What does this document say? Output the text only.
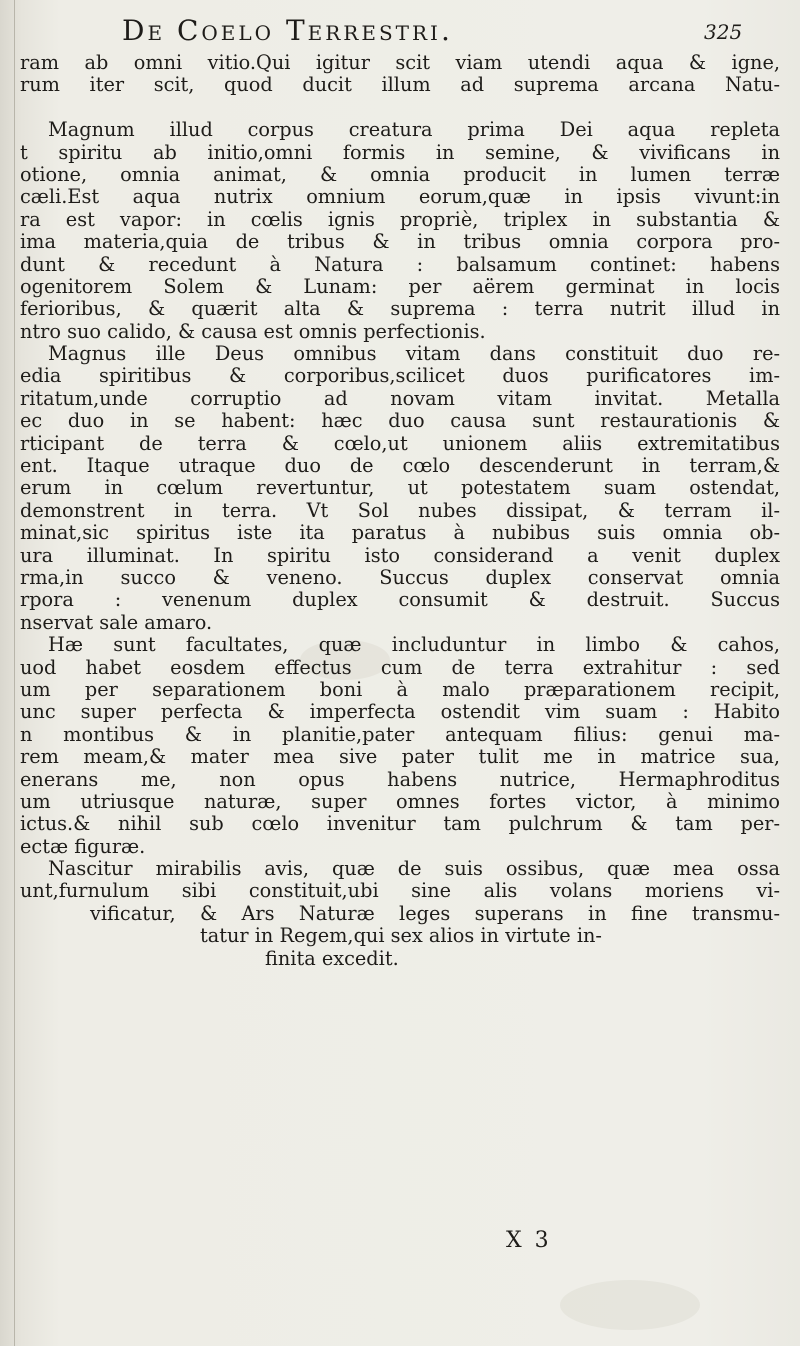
De Coelo Terrestri.	325
ram ab omni vitio.Qui igitur scit viam utendi aqua & igne,
rum iter scit, quod ducit illum ad suprema arcana Natu-
Magnum illud corpus creatura prima Dei aqua repleta
t spiritu ab initio,omni formis in semine, & vivificans in
otione, omnia animat, & omnia producit in lumen terræ
cæli.Est aqua nutrix omnium eorum,quæ in ipsis vivunt:in
ra est vapor: in cœlis ignis propriè, triplex in substantia &
ima materia,quia de tribus & in tribus omnia corpora pro-
dunt & recedunt à Natura : balsamum continet: habens
ogenitorem Solem & Lunam: per aërem germinat in locis
ferioribus, & quærit alta & suprema : terra nutrit illud in
ntro suo calido, & causa est omnis perfectionis.
Magnus ille Deus omnibus vitam dans constituit duo re-
edia spiritibus & corporibus,scilicet duos purificatores im-
ritatum,unde corruptio ad novam vitam invitat. Metalla
ec duo in se habent: hæc duo causa sunt restaurationis &
rticipant de terra & cœlo,ut unionem aliis extremitatibus
ent. Itaque utraque duo de cœlo descenderunt in terram,&
erum in cœlum revertuntur, ut potestatem suam ostendat,
demonstrent in terra. Vt Sol nubes dissipat, & terram il-
minat,sic spiritus iste ita paratus à nubibus suis omnia ob-
ura illuminat. In spiritu isto considerand a venit duplex
rma,in succo & veneno. Succus duplex conservat omnia
rpora : venenum duplex consumit & destruit. Succus
nservat sale amaro.
Hæ sunt facultates, quæ includuntur in limbo & cahos,
uod habet eosdem effectus cum de terra extrahitur : sed
um per separationem boni à malo præparationem recipit,
unc super perfecta & imperfecta ostendit vim suam : Habito
n montibus & in planitie,pater antequam filius: genui ma-
rem meam,& mater mea sive pater tulit me in matrice sua,
enerans me, non opus habens nutrice, Hermaphroditus
um utriusque naturæ, super omnes fortes victor, à minimo
ictus.& nihil sub cœlo invenitur tam pulchrum & tam per-
ectæ figuræ.
Nascitur mirabilis avis, quæ de suis ossibus, quæ mea ossa
unt,furnulum sibi constituit,ubi sine alis volans moriens vi-
vificatur, & Ars Naturæ leges superans in fine transmu-
tatur in Regem,qui sex alios in virtute in-
finita excedit.
X 3
